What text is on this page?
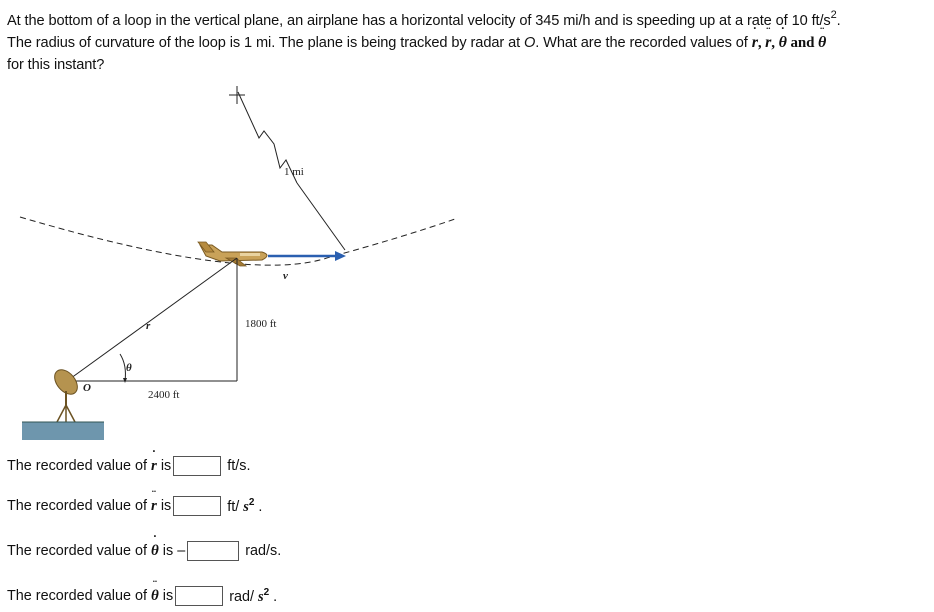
At the bottom of a loop in the vertical plane, an airplane has a horizontal velocity of 345 mi/h and is speeding up at a rate of 10 $ft/s^2$.

The radius of curvature of the loop is 1 mi. The plane is being tracked by radar at O. What are the recorded values of ˙ r, ¨ r, ˙ θ and ¨ θ

for this instant?

1 mi
v
r	1800 ft
2400 ft
θ
O
The recorded value of ˙ r is	ft/s.
The recorded value of ¨ r is	ft/ $s^2$ .
The recorded value of ˙ θ is –	rad/s.
The recorded value of ¨ θ is	rad/ $s^2$ .
